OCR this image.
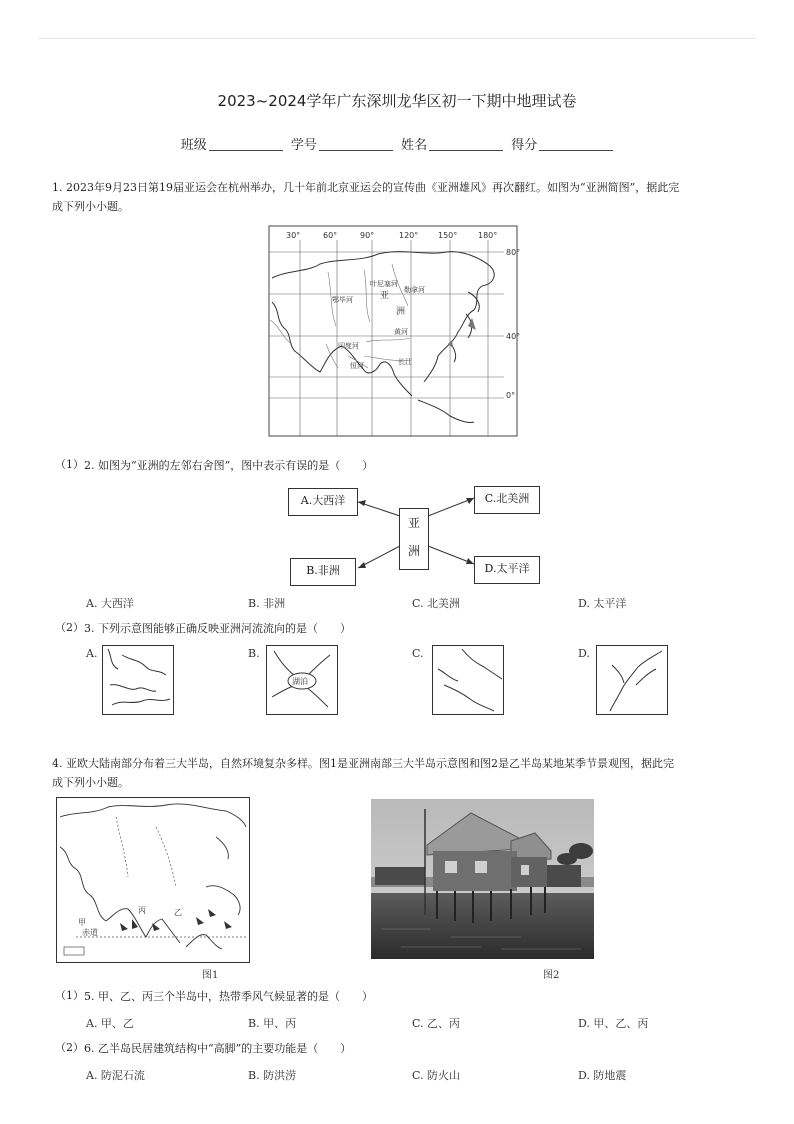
2023~2024学年广东深圳龙华区初一下期中地理试卷
班级	学号	姓名	得分
1. 2023年9月23日第19届亚运会在杭州举办，几十年前北京亚运会的宣传曲《亚洲雄风》再次翻红。如图为“亚洲简图”，据此完
成下列小小题。
30°	60°	90°	120° 150°	180°
80°
40°
0°
叶尼塞河
勒拿河
鄂毕河
黄河
长江
印度河
恒河
亚
洲
（1） 2. 如图为“亚洲的左邻右舍图”，图中表示有误的是（　　）
A.大西洋	C.北美洲
B.非洲	D.太平洋
亚
洲
A. 大西洋	B. 非洲	C. 北美洲	D. 太平洋
（2） 3. 下列示意图能够正确反映亚洲河流流向的是（　　）
A.	B.
湖泊
C.	D.
4. 亚欧大陆南部分布着三大半岛，自然环境复杂多样。图1是亚洲南部三大半岛示意图和图2是乙半岛某地某季节景观图，据此完
成下列小小题。
甲
乙
丙
赤道
图1	图2
（1） 5. 甲、乙、丙三个半岛中，热带季风气候显著的是（　　）
A. 甲、乙	B. 甲、丙	C. 乙、丙	D. 甲、乙、丙
（2） 6. 乙半岛民居建筑结构中“高脚”的主要功能是（　　）
A. 防泥石流	B. 防洪涝	C. 防火山	D. 防地震
